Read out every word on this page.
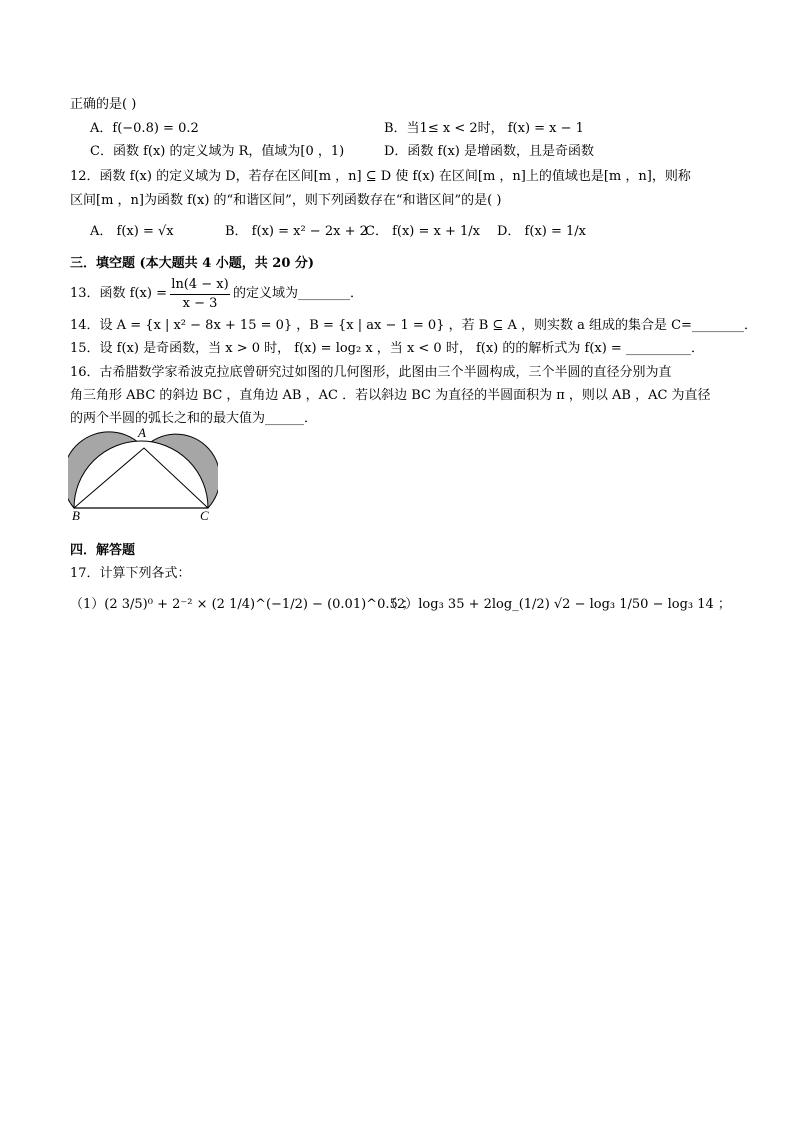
正确的是( )
A．f(−0.8) = 0.2	B．当1≤ x < 2时， f(x) = x − 1
C．函数 f(x) 的定义域为 R，值域为[0 ，1)	D．函数 f(x) 是增函数，且是奇函数
12．函数 f(x) 的定义域为 D，若存在区间[m ，n] ⊆ D 使 f(x) 在区间[m ，n]上的值域也是[m ，n]，则称
区间[m ，n]为函数 f(x) 的“和谐区间”，则下列函数存在“和谐区间”的是( )
A． f(x) = √x	B． f(x) = x² − 2x + 2
C． f(x) = x + 1/x D． f(x) = 1/x
三．填空题 (本大题共 4 小题，共 20 分)
13．函数 f(x) =
ln(4 − x)
x − 3
的定义域为________．
14．设 A = {x | x² − 8x + 15 = 0} ，B = {x | ax − 1 = 0} ，若 B ⊆ A ，则实数 a 组成的集合是 C=________．
15．设 f(x) 是奇函数，当 x > 0 时， f(x) = log₂ x ，当 x < 0 时， f(x) 的的解析式为 f(x) = __________．
16．古希腊数学家希波克拉底曾研究过如图的几何图形，此图由三个半圆构成，三个半圆的直径分别为直
角三角形 ABC 的斜边 BC ，直角边 AB ，AC ．若以斜边 BC 为直径的半圆面积为 π ，则以 AB ，AC 为直径
的两个半圆的弧长之和的最大值为______．
A
B	C
四．解答题
17．计算下列各式：
（1）(2 3/5)⁰ + 2⁻² × (2 1/4)^(−1/2) − (0.01)^0.5 ；
（2）log₃ 35 + 2log_(1/2) √2 − log₃ 1/50 − log₃ 14 ；
